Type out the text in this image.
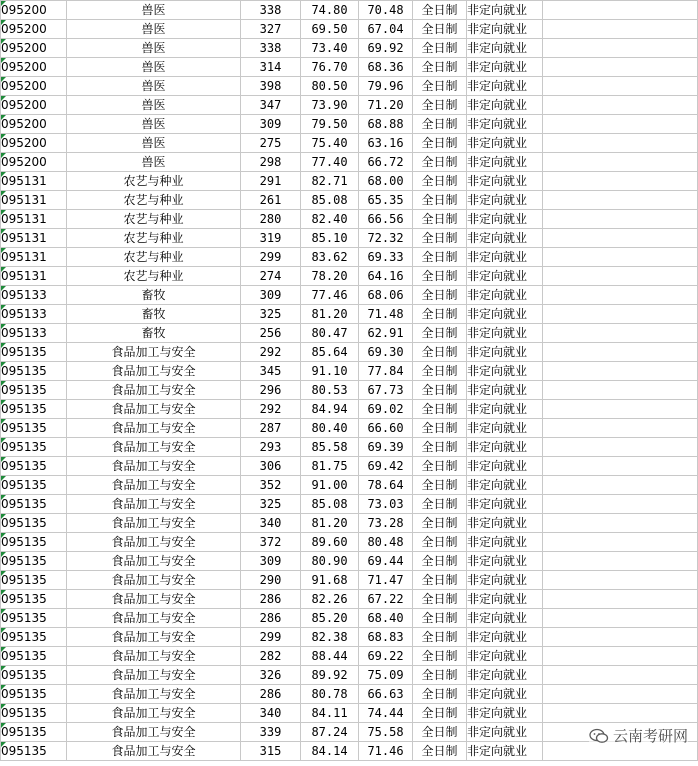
095200	兽医	338	74.80	70.48	全日制	非定向就业	
095200	兽医	327	69.50	67.04	全日制	非定向就业	
095200	兽医	338	73.40	69.92	全日制	非定向就业	
095200	兽医	314	76.70	68.36	全日制	非定向就业	
095200	兽医	398	80.50	79.96	全日制	非定向就业	
095200	兽医	347	73.90	71.20	全日制	非定向就业	
095200	兽医	309	79.50	68.88	全日制	非定向就业	
095200	兽医	275	75.40	63.16	全日制	非定向就业	
095200	兽医	298	77.40	66.72	全日制	非定向就业	
095131	农艺与种业	291	82.71	68.00	全日制	非定向就业	
095131	农艺与种业	261	85.08	65.35	全日制	非定向就业	
095131	农艺与种业	280	82.40	66.56	全日制	非定向就业	
095131	农艺与种业	319	85.10	72.32	全日制	非定向就业	
095131	农艺与种业	299	83.62	69.33	全日制	非定向就业	
095131	农艺与种业	274	78.20	64.16	全日制	非定向就业	
095133	畜牧	309	77.46	68.06	全日制	非定向就业	
095133	畜牧	325	81.20	71.48	全日制	非定向就业	
095133	畜牧	256	80.47	62.91	全日制	非定向就业	
095135	食品加工与安全	292	85.64	69.30	全日制	非定向就业	
095135	食品加工与安全	345	91.10	77.84	全日制	非定向就业	
095135	食品加工与安全	296	80.53	67.73	全日制	非定向就业	
095135	食品加工与安全	292	84.94	69.02	全日制	非定向就业	
095135	食品加工与安全	287	80.40	66.60	全日制	非定向就业	
095135	食品加工与安全	293	85.58	69.39	全日制	非定向就业	
095135	食品加工与安全	306	81.75	69.42	全日制	非定向就业	
095135	食品加工与安全	352	91.00	78.64	全日制	非定向就业	
095135	食品加工与安全	325	85.08	73.03	全日制	非定向就业	
095135	食品加工与安全	340	81.20	73.28	全日制	非定向就业	
095135	食品加工与安全	372	89.60	80.48	全日制	非定向就业	
095135	食品加工与安全	309	80.90	69.44	全日制	非定向就业	
095135	食品加工与安全	290	91.68	71.47	全日制	非定向就业	
095135	食品加工与安全	286	82.26	67.22	全日制	非定向就业	
095135	食品加工与安全	286	85.20	68.40	全日制	非定向就业	
095135	食品加工与安全	299	82.38	68.83	全日制	非定向就业	
095135	食品加工与安全	282	88.44	69.22	全日制	非定向就业	
095135	食品加工与安全	326	89.92	75.09	全日制	非定向就业	
095135	食品加工与安全	286	80.78	66.63	全日制	非定向就业	
095135	食品加工与安全	340	84.11	74.44	全日制	非定向就业	
095135	食品加工与安全	339	87.24	75.58	全日制	非定向就业	
095135	食品加工与安全	315	84.14	71.46	全日制	非定向就业	
云南考研网
